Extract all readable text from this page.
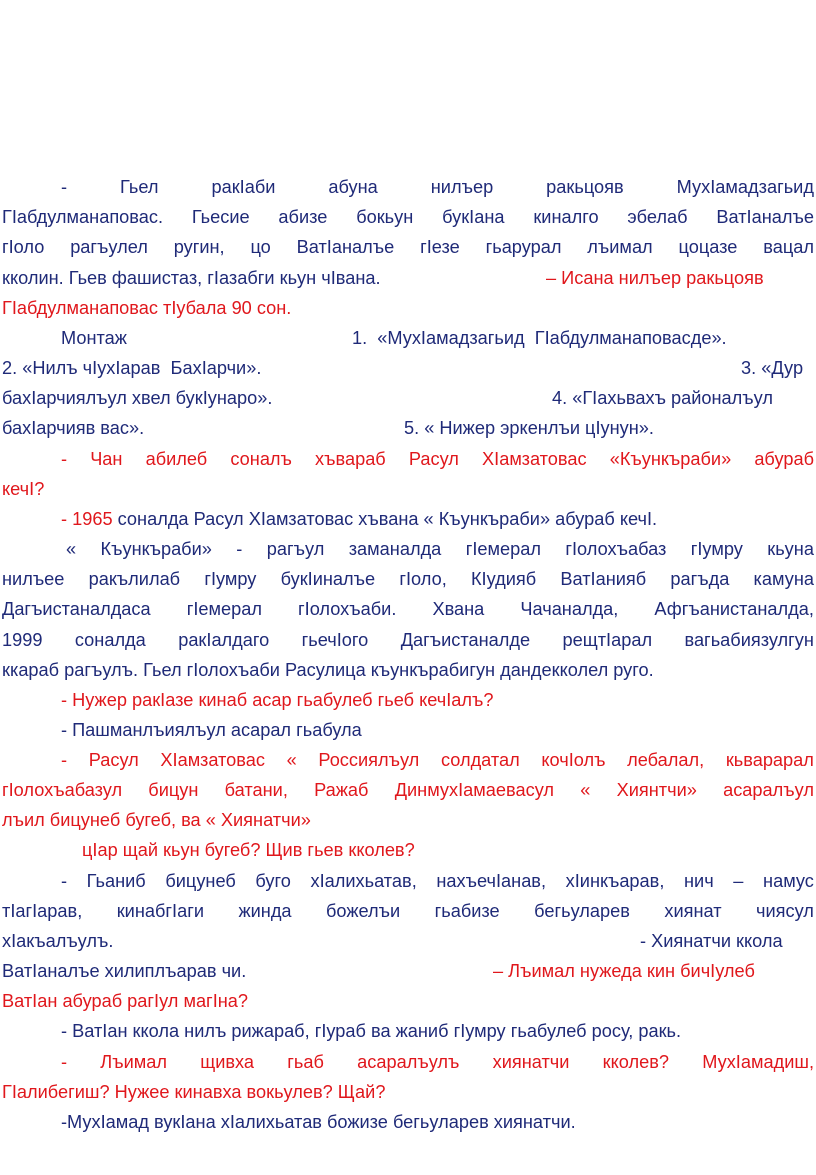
-	Гьел	ракIаби	абуна	нилъер	ракьцояв	МухIамадзагьид
ГIабдулманаповас. Гьесие абизе бокьун букIана киналго эбелаб ВатIаналъе
гIоло рагъулел ругин, цо ВатIаналъе гIезе гьарурал лъимал цоцазе вацал
кколин. Гьев фашистаз, гIазабги кьун чIвана.	– Исана нилъер ракьцояв
ГIабдулманаповас тIубала 90 сон.
Монтаж	1.  «МухIамадзагьид  ГIабдулманаповасде».
2. «Нилъ чIухIарав  БахIарчи».	3. «Дур
бахIарчиялъул хвел букIунаро».	4. «ГIахьвахъ районалъул
бахIарчияв вас».	5. « Нижер эркенлъи цIунун».
- Чан абилеб соналъ хъвараб Расул ХIамзатовас «Къункъраби» абураб
кечI?
- 1965 соналда Расул ХIамзатовас хъвана « Къункъраби» абураб кечI.
« Къункъраби» - рагъул заманалда гIемерал гIолохъабаз гIумру кьуна
нилъее ракълилаб гIумру букIиналъе гIоло, КIудияб ВатIанияб рагъда камуна
Дагъистаналдаса гIемерал гIолохъаби. Хвана Чачаналда, Афгъанистаналда,
1999 соналда ракIалдаго гьечIого Дагъистаналде рещтIарал вагьабиязулгун
ккараб рагъулъ. Гьел гIолохъаби Расулица къункърабигун дандекколел руго.
- Нужер ракIазе кинаб асар гьабулеб гьеб кечIалъ?
- Пашманлъиялъул асарал гьабула
- Расул ХIамзатовас « Россиялъул солдатал кочIолъ лебалал, кьварарал
гIолохъабазул бицун батани, Ражаб ДинмухIамаевасул « Хиянтчи» асаралъул
лъил бицунеб бугеб, ва « Хиянатчи»
цIар щай кьун бугеб? Щив гьев кколев?
- Гьаниб бицунеб буго хIалихьатав, нахъечIанав, хIинкъарав, нич – намус
тIагIарав, кинабгIаги жинда божелъи гьабизе бегьуларев хиянат чиясул
хIакъалъулъ.	- Хиянатчи ккола
ВатIаналъе хилиплъарав чи.	– Лъимал нужеда кин бичIулеб
ВатIан абураб рагIул магIна?
- ВатIан ккола нилъ рижараб, гIураб ва жаниб гIумру гьабулеб росу, ракь.
- Лъимал щивха гьаб асаралъулъ хиянатчи кколев? МухIамадиш,
ГIалибегиш? Нужее кинавха вокьулев? Щай?
-МухIамад вукIана хIалихьатав божизе бегьуларев хиянатчи.
